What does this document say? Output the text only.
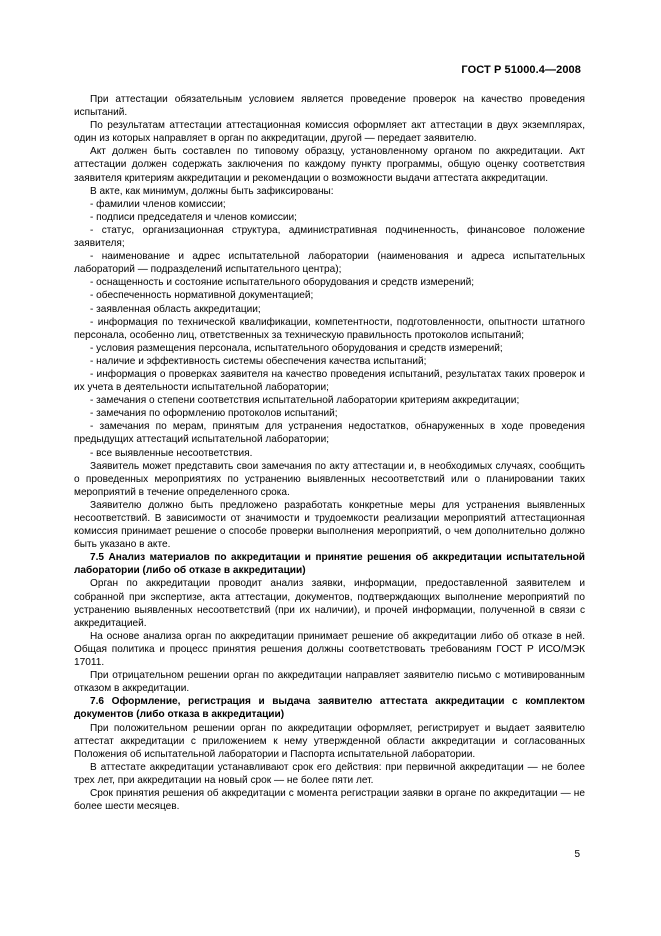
ГОСТ Р 51000.4—2008

При аттестации обязательным условием является проведение проверок на качество проведения испытаний.

По результатам аттестации аттестационная комиссия оформляет акт аттестации в двух экземплярах, один из которых направляет в орган по аккредитации, другой — передает заявителю.

Акт должен быть составлен по типовому образцу, установленному органом по аккредитации. Акт аттестации должен содержать заключения по каждому пункту программы, общую оценку соответствия заявителя критериям аккредитации и рекомендации о возможности выдачи аттестата аккредитации.

В акте, как минимум, должны быть зафиксированы:

- фамилии членов комиссии;

- подписи председателя и членов комиссии;

- статус, организационная структура, административная подчиненность, финансовое положение заявителя;

- наименование и адрес испытательной лаборатории (наименования и адреса испытательных лабораторий — подразделений испытательного центра);

- оснащенность и состояние испытательного оборудования и средств измерений;

- обеспеченность нормативной документацией;

- заявленная область аккредитации;

- информация по технической квалификации, компетентности, подготовленности, опытности штатного персонала, особенно лиц, ответственных за техническую правильность протоколов испытаний;

- условия размещения персонала, испытательного оборудования и средств измерений;

- наличие и эффективность системы обеспечения качества испытаний;

- информация о проверках заявителя на качество проведения испытаний, результатах таких проверок и их учета в деятельности испытательной лаборатории;

- замечания о степени соответствия испытательной лаборатории критериям аккредитации;

- замечания по оформлению протоколов испытаний;

- замечания по мерам, принятым для устранения недостатков, обнаруженных в ходе проведения предыдущих аттестаций испытательной лаборатории;

- все выявленные несоответствия.

Заявитель может представить свои замечания по акту аттестации и, в необходимых случаях, сообщить о проведенных мероприятиях по устранению выявленных несоответствий или о планировании таких мероприятий в течение определенного срока.

Заявителю должно быть предложено разработать конкретные меры для устранения выявленных несоответствий. В зависимости от значимости и трудоемкости реализации мероприятий аттестационная комиссия принимает решение о способе проверки выполнения мероприятий, о чем дополнительно должно быть указано в акте.

7.5 Анализ материалов по аккредитации и принятие решения об аккредитации испытательной лаборатории (либо об отказе в аккредитации)

Орган по аккредитации проводит анализ заявки, информации, предоставленной заявителем и собранной при экспертизе, акта аттестации, документов, подтверждающих выполнение мероприятий по устранению выявленных несоответствий (при их наличии), и прочей информации, полученной в связи с аккредитацией.

На основе анализа орган по аккредитации принимает решение об аккредитации либо об отказе в ней. Общая политика и процесс принятия решения должны соответствовать требованиям ГОСТ Р ИСО/МЭК 17011.

При отрицательном решении орган по аккредитации направляет заявителю письмо с мотивированным отказом в аккредитации.

7.6 Оформление, регистрация и выдача заявителю аттестата аккредитации с комплектом документов (либо отказа в аккредитации)

При положительном решении орган по аккредитации оформляет, регистрирует и выдает заявителю аттестат аккредитации с приложением к нему утвержденной области аккредитации и согласованных Положения об испытательной лаборатории и Паспорта испытательной лаборатории.

В аттестате аккредитации устанавливают срок его действия: при первичной аккредитации — не более трех лет, при аккредитации на новый срок — не более пяти лет.

Срок принятия решения об аккредитации с момента регистрации заявки в органе по аккредитации — не более шести месяцев.

5
